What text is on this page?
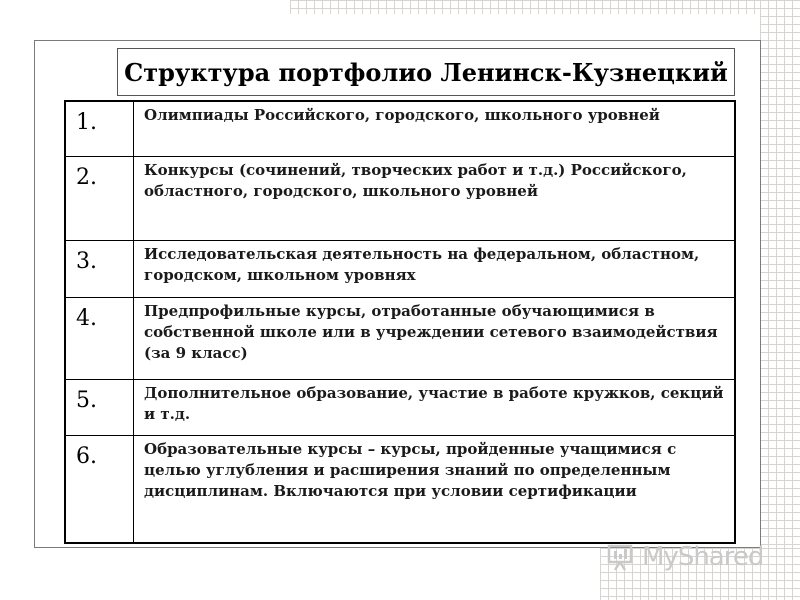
Структура портфолио Ленинск-Кузнецкий
1.	Олимпиады Российского, городского, школьного уровней
2.	Конкурсы (сочинений, творческих работ и т.д.) Российского, областного, городского, школьного уровней
3.	Исследовательская деятельность на федеральном, областном, городском, школьном уровнях
4.	Предпрофильные курсы, отработанные обучающимися в собственной школе или в учреждении сетевого взаимодействия (за 9 класс)
5.	Дополнительное образование, участие в работе кружков, секций и т.д.
6.	Образовательные курсы – курсы, пройденные учащимися с целью углубления и расширения знаний по определенным дисциплинам. Включаются при условии сертификации
MyShared
